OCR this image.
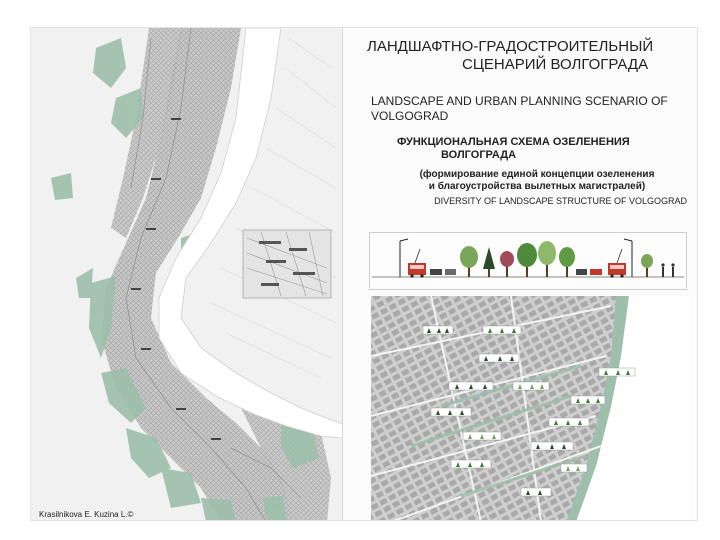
Krasilnikova E. Kuzina L.©
ЛАНДШАФТНО-ГРАДОСТРОИТЕЛЬНЫЙ
СЦЕНАРИЙ ВОЛГОГРАДА
LANDSCAPE AND URBAN PLANNING SCENARIO OF
VOLGOGRAD
ФУНКЦИОНАЛЬНАЯ СХЕМА ОЗЕЛЕНЕНИЯ
ВОЛГОГРАДА
(формирование единой концепции озеленения
и благоустройства вылетных магистралей)
DIVERSITY OF LANDSCAPE STRUCTURE OF VOLGOGRAD
